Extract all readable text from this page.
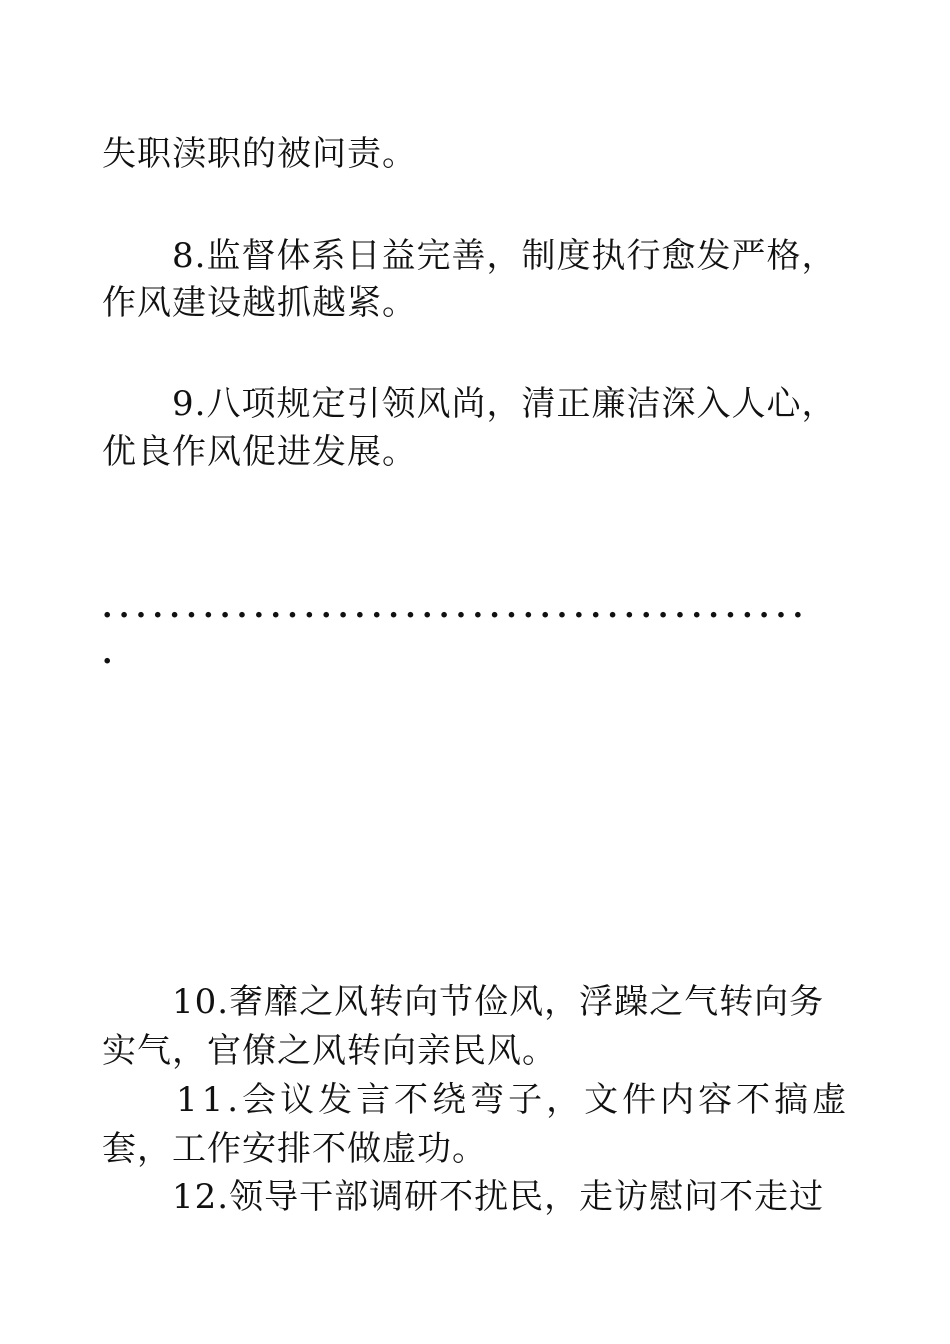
失职渎职的被问责。
8.监督体系日益完善，制度执行愈发严格，
作风建设越抓越紧。
9.八项规定引领风尚，清正廉洁深入人心，
优良作风促进发展。
..........................................
.
10.奢靡之风转向节俭风，浮躁之气转向务
实气，官僚之风转向亲民风。
11.会议发言不绕弯子，文件内容不搞虚
套，工作安排不做虚功。
12.领导干部调研不扰民，走访慰问不走过
